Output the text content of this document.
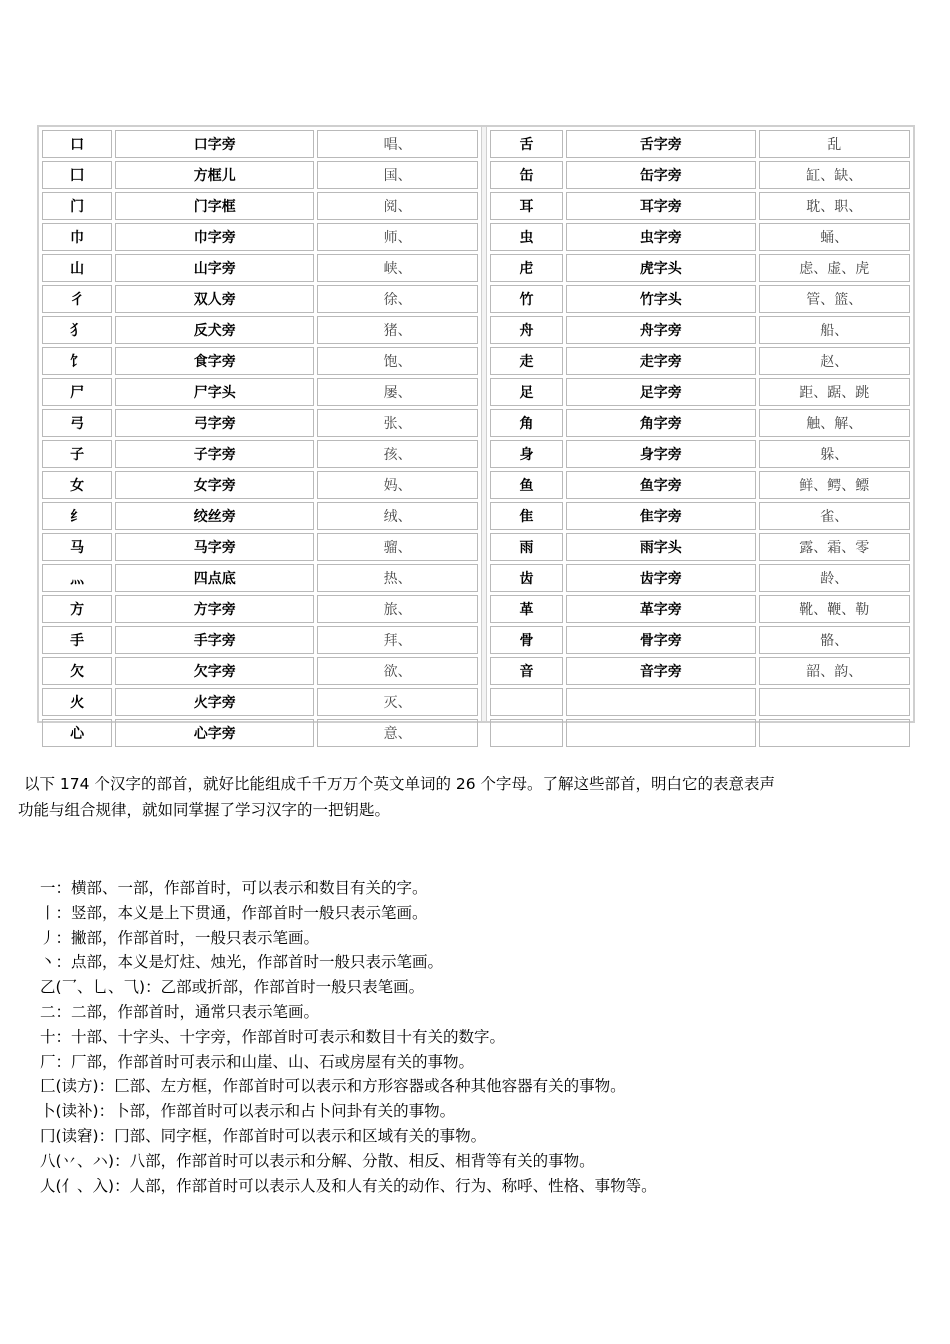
口	口字旁	唱、
囗	方框儿	国、
门	门字框	阅、
巾	巾字旁	师、
山	山字旁	峡、
彳	双人旁	徐、
犭	反犬旁	猪、
饣	食字旁	饱、
尸	尸字头	屡、
弓	弓字旁	张、
子	子字旁	孩、
女	女字旁	妈、
纟	绞丝旁	绒、
马	马字旁	骝、
灬	四点底	热、
方	方字旁	旅、
手	手字旁	拜、
欠	欠字旁	欲、
火	火字旁	灭、
心	心字旁	意、
舌	舌字旁	乱
缶	缶字旁	缸、缺、
耳	耳字旁	耽、职、
虫	虫字旁	蛹、
虍	虎字头	虑、虚、虎
竹	竹字头	管、篮、
舟	舟字旁	船、
走	走字旁	赵、
足	足字旁	距、踞、跳
角	角字旁	触、解、
身	身字旁	躲、
鱼	鱼字旁	鲜、鳄、鳔
隹	隹字旁	雀、
雨	雨字头	露、霜、零
齿	齿字旁	龄、
革	革字旁	靴、鞭、勒
骨	骨字旁	骼、
音	音字旁	韶、韵、

以下 174 个汉字的部首，就好比能组成千千万万个英文单词的 26 个字母。了解这些部首，明白它的表意表声

功能与组合规律，就如同掌握了学习汉字的一把钥匙。

一：横部、一部，作部首时，可以表示和数目有关的字。
丨：竖部，本义是上下贯通，作部首时一般只表示笔画。
丿：撇部，作部首时，一般只表示笔画。
丶：点部，本义是灯炷、烛光，作部首时一般只表示笔画。
乙(乛、乚、⺄)：乙部或折部，作部首时一般只表笔画。
二：二部，作部首时，通常只表示笔画。
十：十部、十字头、十字旁，作部首时可表示和数目十有关的数字。
厂：厂部，作部首时可表示和山崖、山、石或房屋有关的事物。
匚(读方)：匚部、左方框，作部首时可以表示和方形容器或各种其他容器有关的事物。
卜(读补)：卜部，作部首时可以表示和占卜问卦有关的事物。
冂(读窘)：冂部、同字框，作部首时可以表示和区域有关的事物。
八(丷、ハ)：八部，作部首时可以表示和分解、分散、相反、相背等有关的事物。
人(亻、入)：人部，作部首时可以表示人及和人有关的动作、行为、称呼、性格、事物等。
